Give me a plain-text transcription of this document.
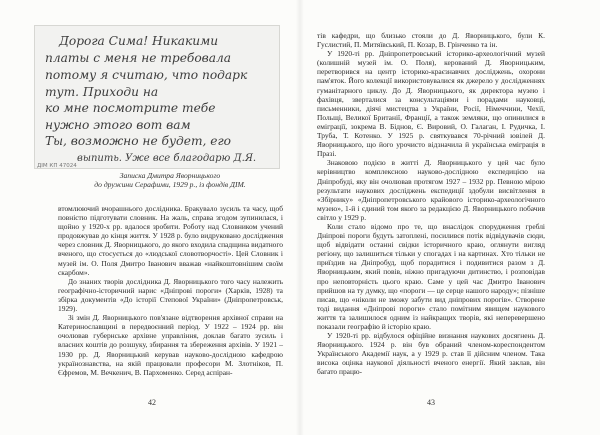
Дорога Сима! Никакими
платы с меня не требовала
потому я считаю, что подарк
тут. Приходи на
ко мне посмотрите тебе
нужно этого вот вам
Ты, возможно не будет, его
выпить. Уже все благодарю Д.Я.
ДІМ КП 47024
Записка Дмитра Яворницького
до дружини Серафими, 1929 р., із фондів ДІМ.

втомлюючий вчорашнього дослідника. Бракувало зусиль та часу, щоб повністю підготувати словник. На жаль, справа згодом зупинилася, і щойно у 1920-х рр. вдалося зробити. Роботу над Словником учений продовжував до кінця життя. У 1928 р. було видруковано дослідження через словник Д. Яворницького, до якого входила спадщина видатного вченого, що стосується до «людської словотворчості». Цей Словник і музей ім. О. Поля Дмитро Іванович вважав «найкоштовнішим своїм скарбом».

До знаних творів дослідника Д. Яворницького того часу належить географічно-історичний нарис «Дніпрові пороги» (Харків, 1928) та збірка документів «До історії Степової України» (Дніпропетровськ, 1929).

Зі змін Д. Яворницького пов'язане відтворення архівної справи на Катеринославщині в передвоєнний період. У 1922 – 1924 рр. він очолював губернське архівне управління, доклав багато зусиль і власних коштів до розшуку, збирання та збереження архівів. У 1921 – 1930 рр. Д. Яворницький керував науково-дослідною кафедрою українознавства, на якій працювали професори М. Злотніков, П. Єфремов, М. Вечкенич, В. Пархоменко. Серед аспіран-

42

тів кафедри, що близько стояли до Д. Яворницького, були К. Гуслистий, П. Митяївський, П. Козар, В. Грінченко та ін.

У 1920-ті рр. Дніпропетровський історико-археологічний музей (колишній музей ім. О. Поля), керований Д. Яворницьким, перетворився на центр історико-краєзнавчих досліджень, охорони пам'яток. Його колекції використовувалися як джерело у дослідженнях гуманітарного циклу. До Д. Яворницького, як директора музею і фахівця, зверталися за консультаціями і порадами науковці, письменники, діячі мистецтва з України, Росії, Німеччини, Чехії, Польщі, Великої Британії, Франції, а також земляки, що опинилися в еміграції, зокрема В. Біднов, Є. Вировий, О. Галаган, І. Рудичка, І. Труба, Т. Котенко. У 1925 р. святкувався 70-річний ювілей Д. Яворницького, що його урочисто відзначила й українська еміграція в Празі.

Знаковою подією в житті Д. Яворницького у цей час було керівництво комплексною науково-дослідною експедицією на Дніпробуді, яку він очолював протягом 1927 – 1932 рр. Певною мірою результати наукових досліджень експедиції здобули висвітлення в «Збірнику» «Дніпропетровського крайового історико-археологічного музею», 1-й і єдиний том якого за редакцією Д. Яворницького побачив світло у 1929 р.

Коли стало відомо про те, що внаслідок спорудження греблі Дніпрові пороги будуть затоплені, посилився потік відвідувачів сюди, щоб відвідати останні свідки історичного краю, оглянути вигляд регіону, що залишиться тільки у спогадах і на картинах. Хто тільки не приїздив на Дніпробуд, щоб порадитися і подивитися разом з Д. Яворницьким, який повів, ніжно пригадуючи дитинство, і розповідав про неповторність цього краю. Саме у цей час Дмитро Іванович прийшов на ту думку, що «пороги — це серце нашого народу»; пізніше писав, що «ніколи не зможу забути вид дніпрових порогів». Створене тоді видання «Дніпрові пороги» стало помітним явищем наукового життя та залишилося одним із найкращих творів, які неперевершено показали географію й історію краю.

У 1920-ті рр. відбулося офіційне визнання наукових досягнень Д. Яворницького. 1924 р. він був обраний членом-кореспондентом Українського Академії наук, а у 1929 р. став її дійсним членом. Така висока оцінка наукової діяльності вченого енергії. Який заклав, він багато працю-

43
